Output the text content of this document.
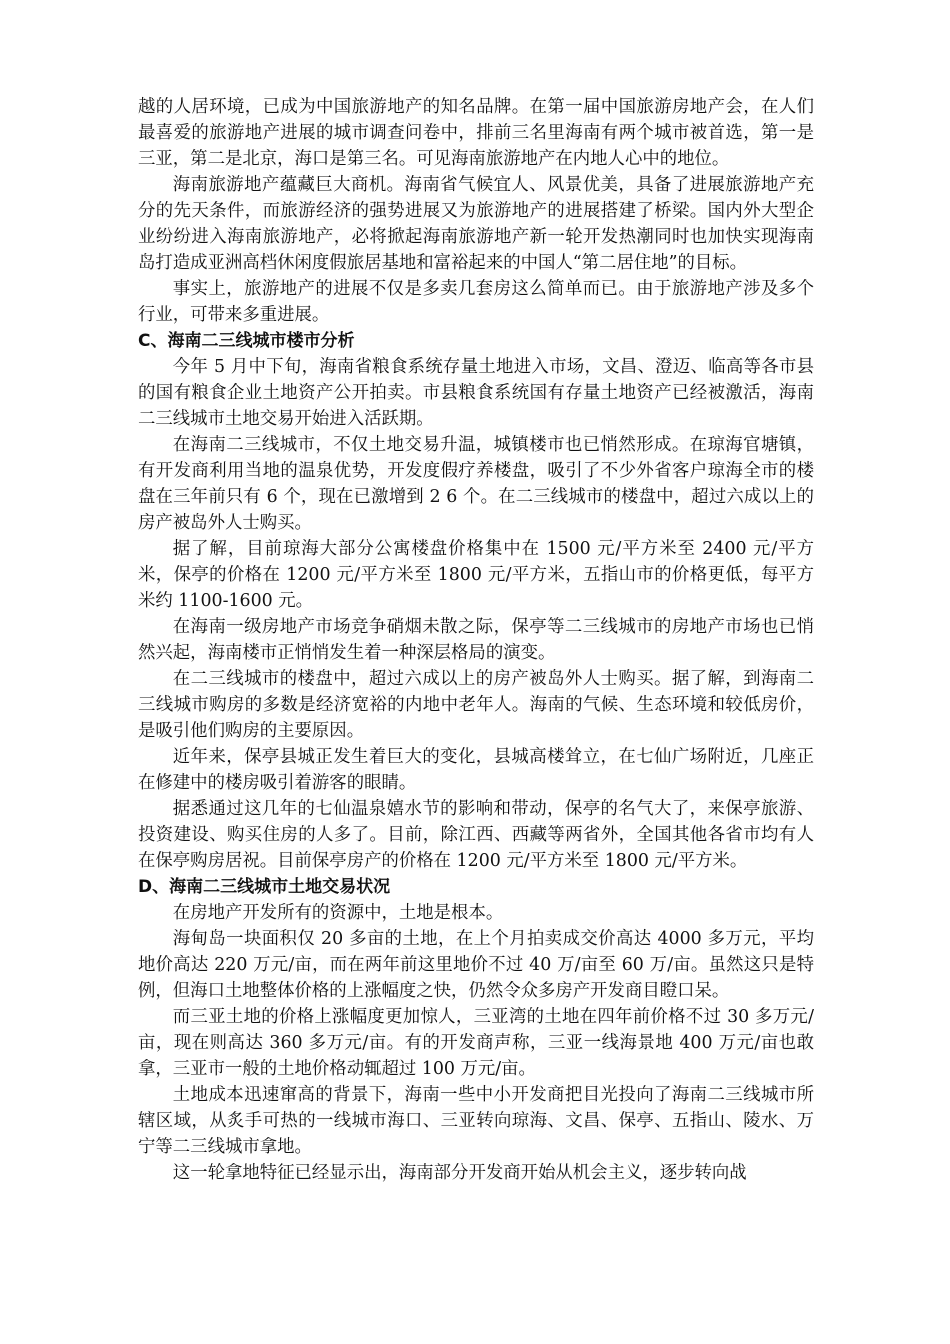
越的人居环境，已成为中国旅游地产的知名品牌。在第一届中国旅游房地产会，在人们最喜爱的旅游地产进展的城市调查问卷中，排前三名里海南有两个城市被首选，第一是三亚，第二是北京，海口是第三名。可见海南旅游地产在内地人心中的地位。

海南旅游地产蕴藏巨大商机。海南省气候宜人、风景优美，具备了进展旅游地产充分的先天条件，而旅游经济的强势进展又为旅游地产的进展搭建了桥梁。国内外大型企业纷纷进入海南旅游地产，必将掀起海南旅游地产新一轮开发热潮同时也加快实现海南岛打造成亚洲高档休闲度假旅居基地和富裕起来的中国人“第二居住地”的目标。

事实上，旅游地产的进展不仅是多卖几套房这么简单而已。由于旅游地产涉及多个行业，可带来多重进展。

C、海南二三线城市楼市分析

今年 5 月中下旬，海南省粮食系统存量土地进入市场，文昌、澄迈、临高等各市县的国有粮食企业土地资产公开拍卖。市县粮食系统国有存量土地资产已经被激活，海南二三线城市土地交易开始进入活跃期。

在海南二三线城市，不仅土地交易升温，城镇楼市也已悄然形成。在琼海官塘镇，有开发商利用当地的温泉优势，开发度假疗养楼盘，吸引了不少外省客户琼海全市的楼盘在三年前只有 6 个，现在已激增到 2 6 个。在二三线城市的楼盘中，超过六成以上的房产被岛外人士购买。

据了解，目前琼海大部分公寓楼盘价格集中在 1500 元/平方米至 2400 元/平方米，保亭的价格在 1200 元/平方米至 1800 元/平方米，五指山市的价格更低，每平方米约 1100-1600 元。

在海南一级房地产市场竞争硝烟未散之际，保亭等二三线城市的房地产市场也已悄然兴起，海南楼市正悄悄发生着一种深层格局的演变。

在二三线城市的楼盘中，超过六成以上的房产被岛外人士购买。据了解，到海南二三线城市购房的多数是经济宽裕的内地中老年人。海南的气候、生态环境和较低房价，是吸引他们购房的主要原因。

近年来，保亭县城正发生着巨大的变化，县城高楼耸立，在七仙广场附近，几座正在修建中的楼房吸引着游客的眼睛。

据悉通过这几年的七仙温泉嬉水节的影响和带动，保亭的名气大了，来保亭旅游、投资建设、购买住房的人多了。目前，除江西、西藏等两省外，全国其他各省市均有人在保亭购房居祝。目前保亭房产的价格在 1200 元/平方米至 1800 元/平方米。

D、海南二三线城市土地交易状况

在房地产开发所有的资源中，土地是根本。

海甸岛一块面积仅 20 多亩的土地，在上个月拍卖成交价高达 4000 多万元，平均地价高达 220 万元/亩，而在两年前这里地价不过 40 万/亩至 60 万/亩。虽然这只是特例，但海口土地整体价格的上涨幅度之快，仍然令众多房产开发商目瞪口呆。

而三亚土地的价格上涨幅度更加惊人，三亚湾的土地在四年前价格不过 30 多万元/亩，现在则高达 360 多万元/亩。有的开发商声称，三亚一线海景地 400 万元/亩也敢拿，三亚市一般的土地价格动辄超过 100 万元/亩。

土地成本迅速窜高的背景下，海南一些中小开发商把目光投向了海南二三线城市所辖区域，从炙手可热的一线城市海口、三亚转向琼海、文昌、保亭、五指山、陵水、万宁等二三线城市拿地。

这一轮拿地特征已经显示出，海南部分开发商开始从机会主义，逐步转向战
